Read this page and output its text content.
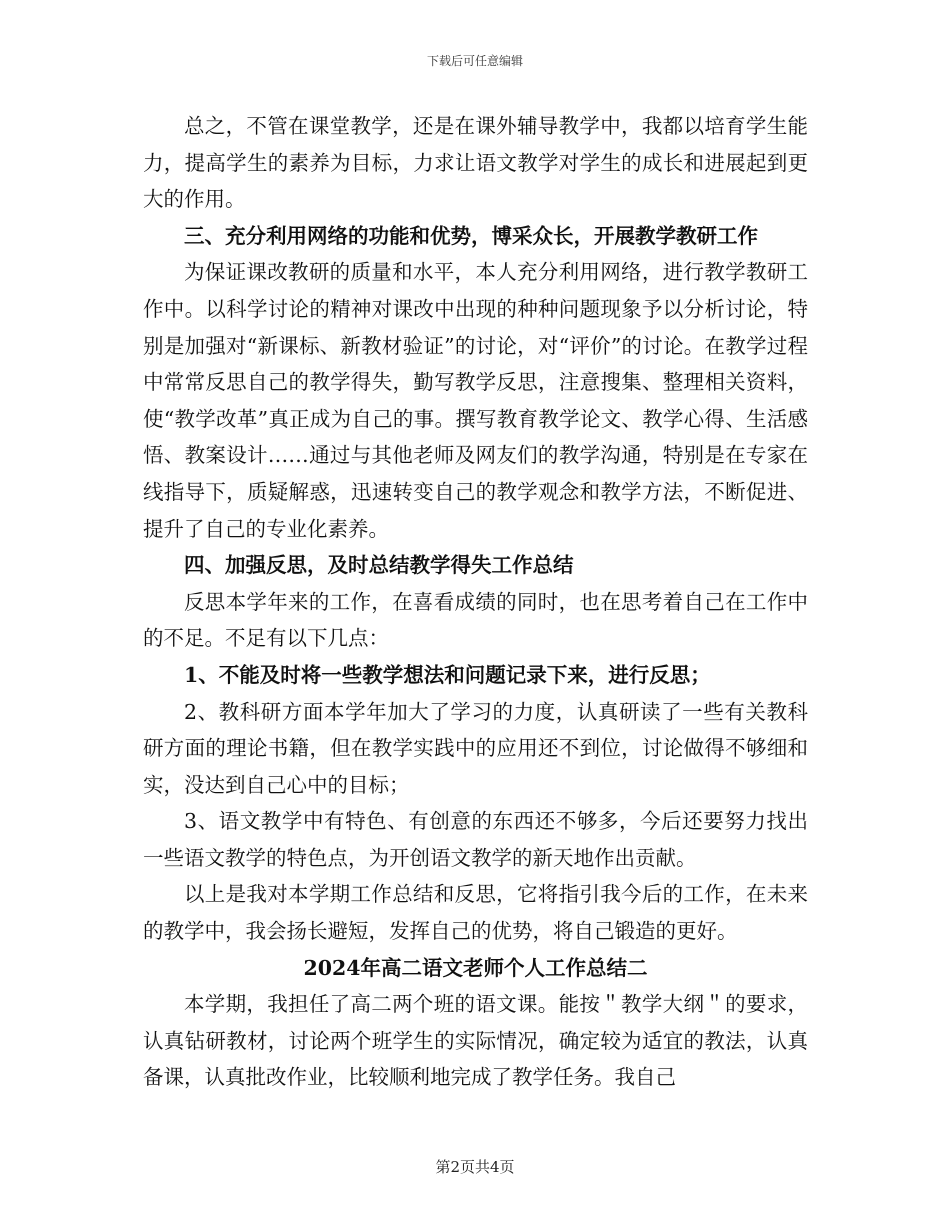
下载后可任意编辑

总之，不管在课堂教学，还是在课外辅导教学中，我都以培育学生能力，提高学生的素养为目标，力求让语文教学对学生的成长和进展起到更大的作用。

三、充分利用网络的功能和优势，博采众长，开展教学教研工作

为保证课改教研的质量和水平，本人充分利用网络，进行教学教研工作中。以科学讨论的精神对课改中出现的种种问题现象予以分析讨论，特别是加强对“新课标、新教材验证”的讨论，对“评价”的讨论。在教学过程中常常反思自己的教学得失，勤写教学反思，注意搜集、整理相关资料，使“教学改革”真正成为自己的事。撰写教育教学论文、教学心得、生活感悟、教案设计……通过与其他老师及网友们的教学沟通，特别是在专家在线指导下，质疑解惑，迅速转变自己的教学观念和教学方法，不断促进、提升了自己的专业化素养。

四、加强反思，及时总结教学得失工作总结

反思本学年来的工作，在喜看成绩的同时，也在思考着自己在工作中的不足。不足有以下几点：

1、不能及时将一些教学想法和问题记录下来，进行反思；

2、教科研方面本学年加大了学习的力度，认真研读了一些有关教科研方面的理论书籍，但在教学实践中的应用还不到位，讨论做得不够细和实，没达到自己心中的目标；

3、语文教学中有特色、有创意的东西还不够多，今后还要努力找出一些语文教学的特色点，为开创语文教学的新天地作出贡献。

以上是我对本学期工作总结和反思，它将指引我今后的工作，在未来的教学中，我会扬长避短，发挥自己的优势，将自己锻造的更好。

2024年高二语文老师个人工作总结二

本学期，我担任了高二两个班的语文课。能按＂教学大纲＂的要求，认真钻研教材，讨论两个班学生的实际情况，确定较为适宜的教法，认真备课，认真批改作业，比较顺利地完成了教学任务。我自己

第2页共4页
